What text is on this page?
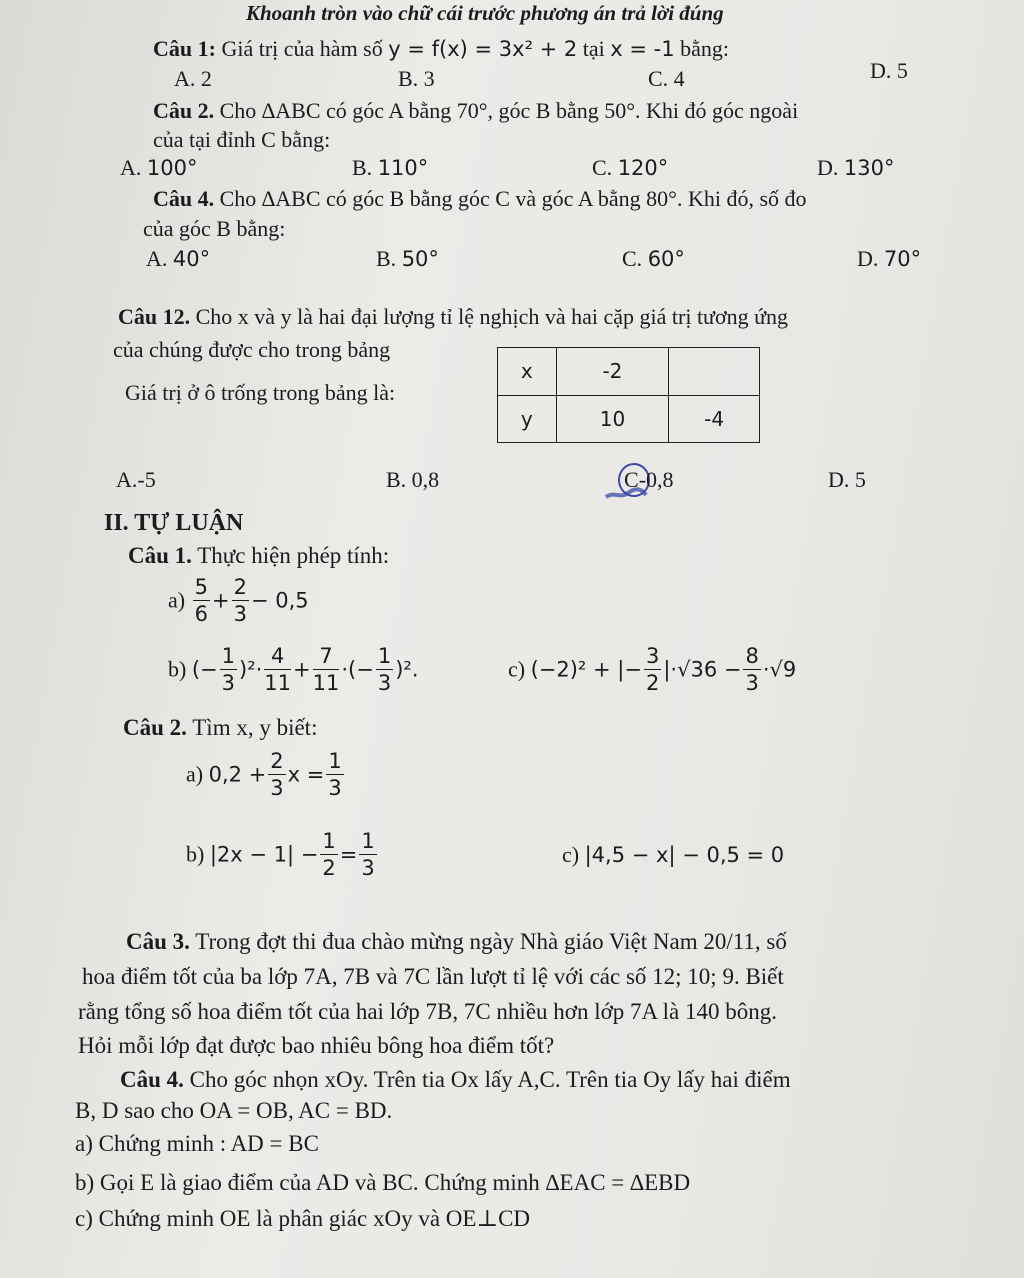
Khoanh tròn vào chữ cái trước phương án trả lời đúng
Câu 1: Giá trị của hàm số y = f(x) = 3x² + 2 tại x = -1 bằng:
A. 2	B. 3	C. 4	D. 5
Câu 2. Cho ∆ABC có góc A bằng 70°, góc B bằng 50°. Khi đó góc ngoài
của tại đỉnh C bằng:
A. 100°	B. 110°	C. 120°	D. 130°
Câu 4. Cho ∆ABC có góc B bằng góc C và góc A bằng 80°. Khi đó, số đo
của góc B bằng:
A. 40°	B. 50°	C. 60°	D. 70°
Câu 12. Cho x và y là hai đại lượng tỉ lệ nghịch và hai cặp giá trị tương ứng
của chúng được cho trong bảng
Giá trị ở ô trống trong bảng là:
x	-2	
y	10	-4
A.-5	B. 0,8	C-0,8	D. 5
II. TỰ LUẬN
Câu 1. Thực hiện phép tính:
$a) \frac{5}{6} + \frac{2}{3} - 0,5$
b) (− $\frac{1}{3} )^2\cdot \frac{4}{11} + \frac{7}{11}$ ·(− $\frac{1}{3} )^2$.	c) (−2)² + |− $\frac{3}{2} |\cdot√36 - \frac{8}{3} \cdot√9$
Câu 2. Tìm x, y biết:
a) $0,2 + \frac{2}{3}$ $x = \frac{1}{3}$
b) $|2x - 1| - \frac{1}{2} = \frac{1}{3}$	c) |4,5 − x| − 0,5 = 0
Câu 3. Trong đợt thi đua chào mừng ngày Nhà giáo Việt Nam 20/11, số
hoa điểm tốt của ba lớp 7A, 7B và 7C lần lượt tỉ lệ với các số 12; 10; 9. Biết
rằng tổng số hoa điểm tốt của hai lớp 7B, 7C nhiều hơn lớp 7A là 140 bông.
Hỏi mỗi lớp đạt được bao nhiêu bông hoa điểm tốt?
Câu 4. Cho góc nhọn xOy. Trên tia Ox lấy A,C. Trên tia Oy lấy hai điểm
B, D sao cho OA = OB, AC = BD.
a) Chứng minh : AD = BC
b) Gọi E là giao điểm của AD và BC. Chứng minh ∆EAC = ∆EBD
c) Chứng minh OE là phân giác xOy và OE⊥CD
